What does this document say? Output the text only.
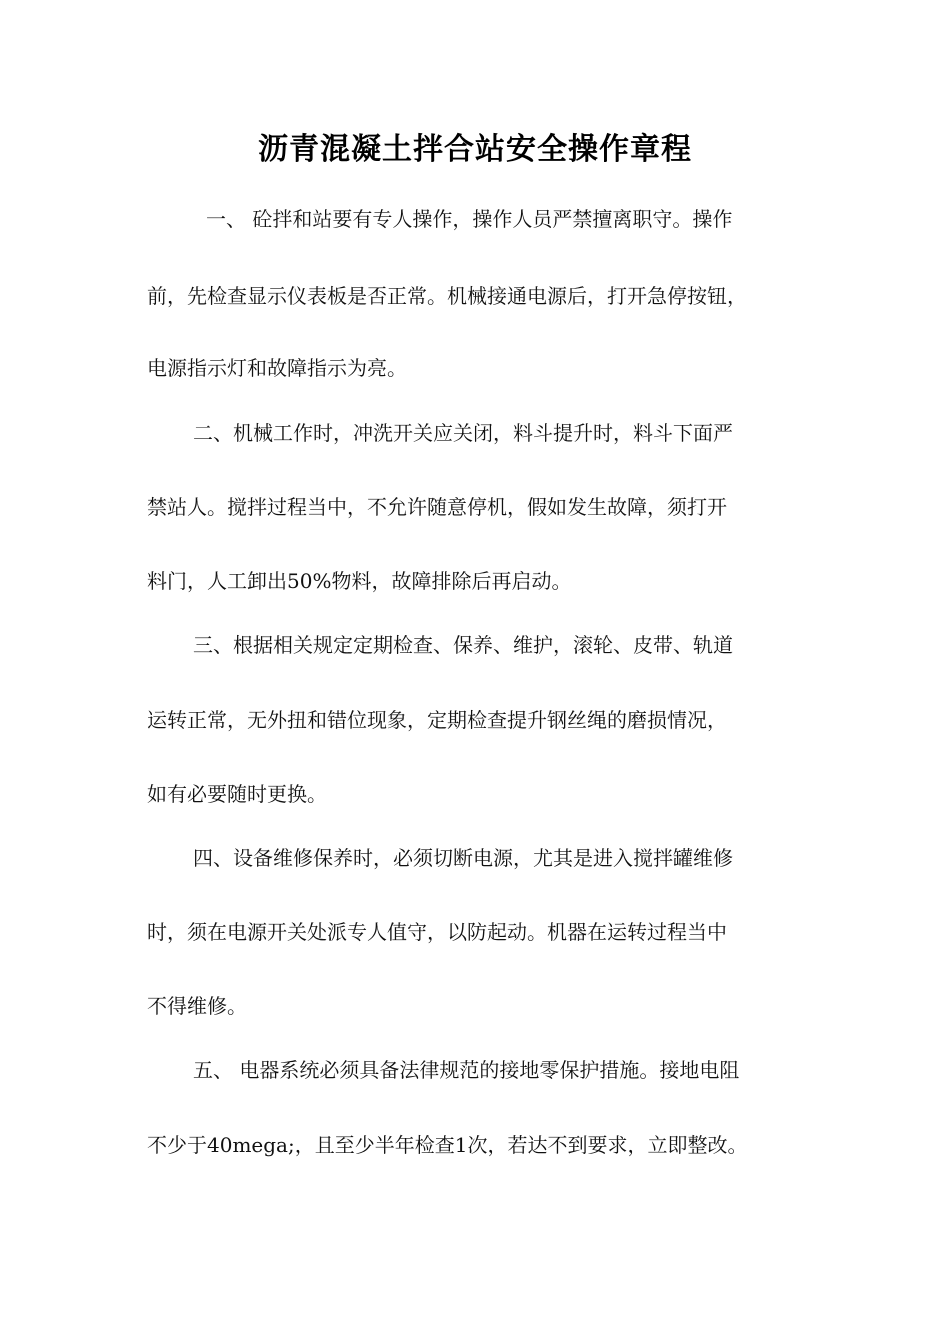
沥青混凝土拌合站安全操作章程
一、 砼拌和站要有专人操作，操作人员严禁擅离职守。操作
前，先检查显示仪表板是否正常。机械接通电源后，打开急停按钮，
电源指示灯和故障指示为亮。
二、机械工作时，冲洗开关应关闭，料斗提升时，料斗下面严
禁站人。搅拌过程当中，不允许随意停机，假如发生故障，须打开
料门，人工卸出50%物料，故障排除后再启动。
三、根据相关规定定期检查、保养、维护，滚轮、皮带、轨道
运转正常，无外扭和错位现象，定期检查提升钢丝绳的磨损情况，
如有必要随时更换。
四、设备维修保养时，必须切断电源，尤其是进入搅拌罐维修
时，须在电源开关处派专人值守，以防起动。机器在运转过程当中
不得维修。
五、 电器系统必须具备法律规范的接地零保护措施。接地电阻
不少于40mega;，且至少半年检查1次，若达不到要求，立即整改。
